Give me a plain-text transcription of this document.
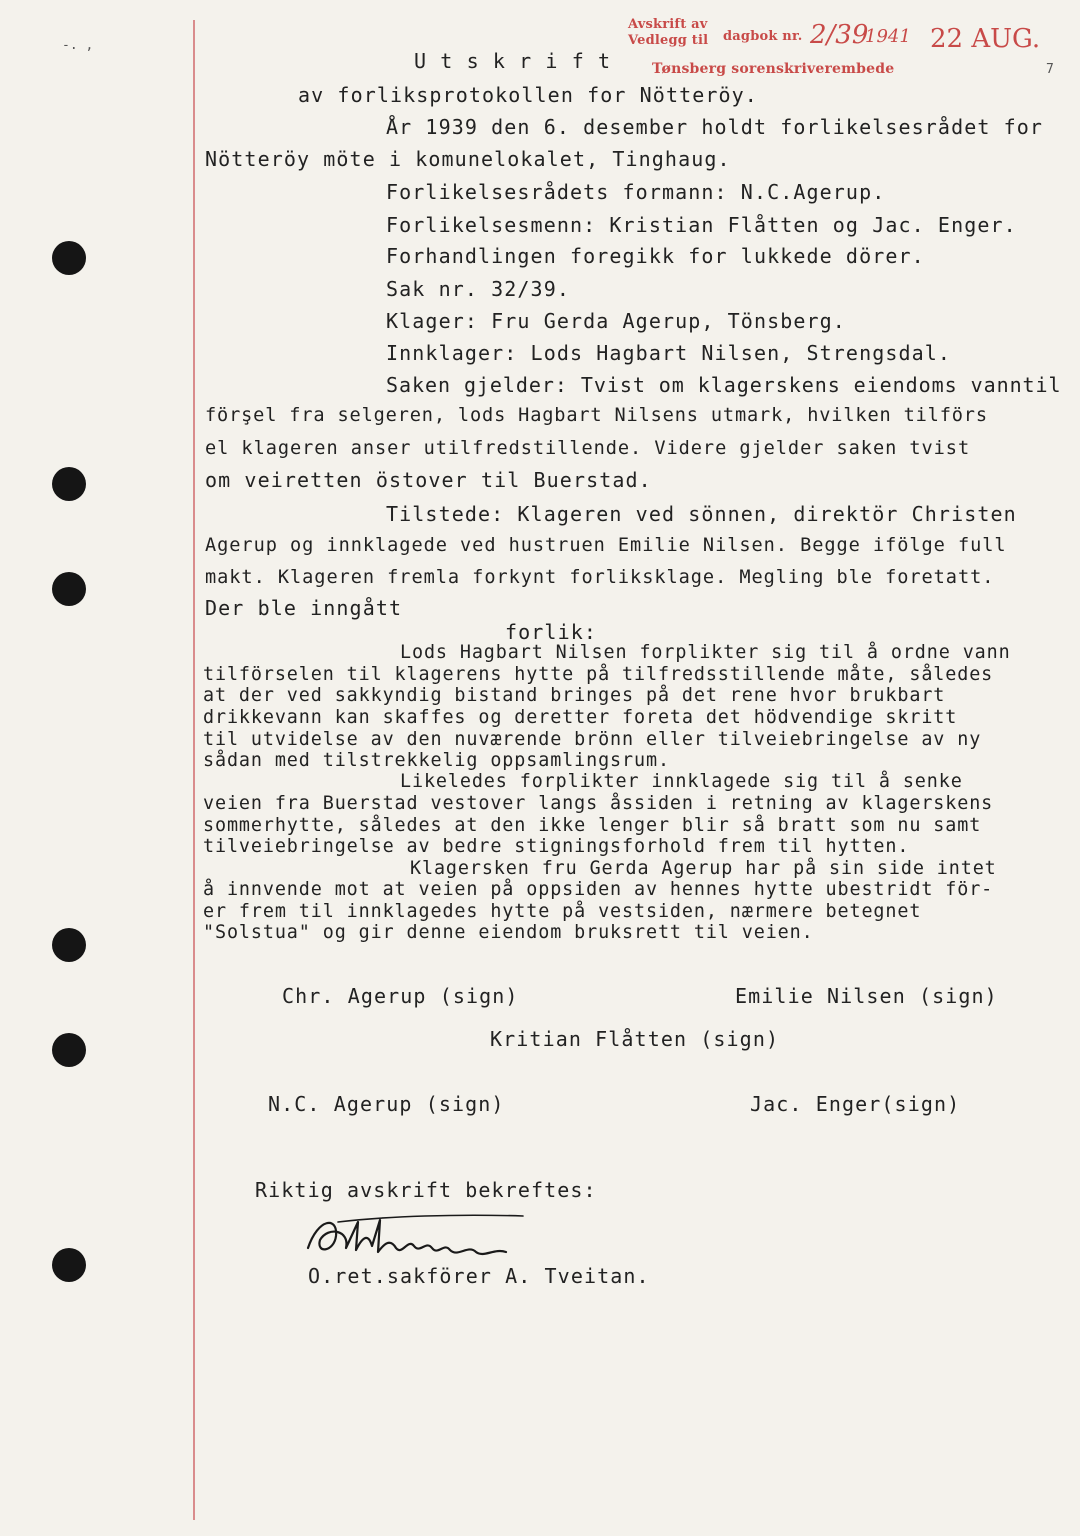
-. ,
7
Avskrift av
Vedlegg til dagbok nr. 2/39
1941 22 AUG.
Tønsberg sorenskriverembede
U t s k r i f t
av forliksprotokollen for Nötteröy.
År 1939 den 6. desember holdt forlikelsesrådet for
Nötteröy möte i komunelokalet, Tinghaug.
Forlikelsesrådets formann: N.C.Agerup.
Forlikelsesmenn: Kristian Flåtten og Jac. Enger.
Forhandlingen foregikk for lukkede dörer.
Sak nr. 32/39.
Klager: Fru Gerda Agerup, Tönsberg.
Innklager: Lods Hagbart Nilsen, Strengsdal.
Saken gjelder: Tvist om klagerskens eiendoms vanntil
förşel fra selgeren, lods Hagbart Nilsens utmark, hvilken tilförs
el klageren anser utilfredstillende. Videre gjelder saken tvist
om veiretten östover til Buerstad.
Tilstede: Klageren ved sönnen, direktör Christen
Agerup og innklagede ved hustruen Emilie Nilsen. Begge ifölge full
makt. Klageren fremla forkynt forliksklage. Megling ble foretatt.
Der ble inngått
forlik:
Lods Hagbart Nilsen forplikter sig til å ordne vann
tilförselen til klagerens hytte på tilfredsstillende måte, således
at der ved sakkyndig bistand bringes på det rene hvor brukbart
drikkevann kan skaffes og deretter foreta det hödvendige skritt
til utvidelse av den nuværende brönn eller tilveiebringelse av ny
sådan med tilstrekkelig oppsamlingsrum.
Likeledes forplikter innklagede sig til å senke
veien fra Buerstad vestover langs åssiden i retning av klagerskens
sommerhytte, således at den ikke lenger blir så bratt som nu samt
tilveiebringelse av bedre stigningsforhold frem til hytten.
Klagersken fru Gerda Agerup har på sin side intet
å innvende mot at veien på oppsiden av hennes hytte ubestridt för-
er frem til innklagedes hytte på vestsiden, nærmere betegnet
"Solstua" og gir denne eiendom bruksrett til veien.
Chr. Agerup (sign)	Emilie Nilsen (sign)
Kritian Flåtten (sign)
N.C. Agerup (sign)	Jac. Enger(sign)
Riktig avskrift bekreftes:
O.ret.sakförer A. Tveitan.
